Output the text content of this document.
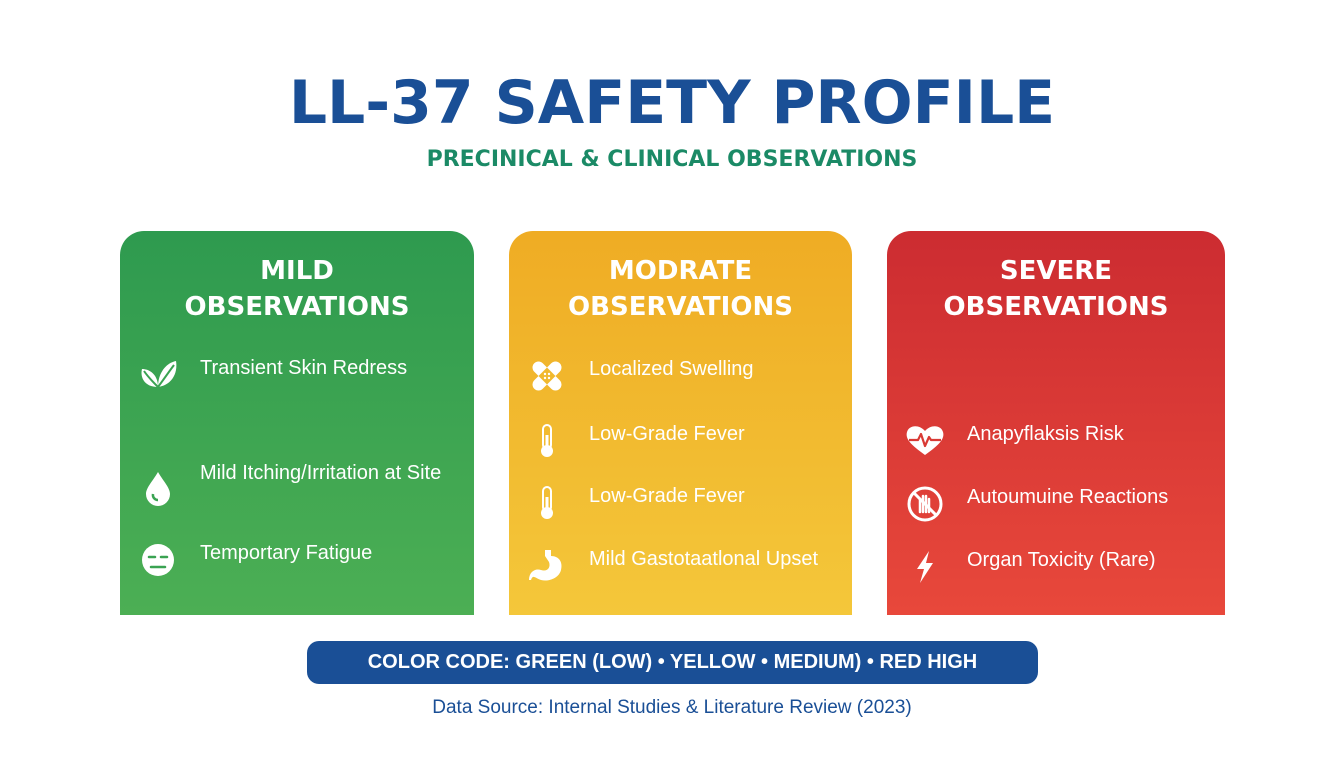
LL-37 SAFETY PROFILE
PRECINICAL & CLINICAL OBSERVATIONS
MILD
OBSERVATIONS
Transient Skin Redress
Mild Itching/Irritation at Site
Temportary Fatigue
MODRATE
OBSERVATIONS
Localized Swelling
Low-Grade Fever
Low-Grade Fever
Mild Gastotaatlonal Upset
SEVERE
OBSERVATIONS
Anapyflaksis Risk
Autoumuine Reactions
Organ Toxicity (Rare)
COLOR CODE: GREEN (LOW) • YELLOW • MEDIUM) • RED HIGH
Data Source: Internal Studies & Literature Review (2023)
